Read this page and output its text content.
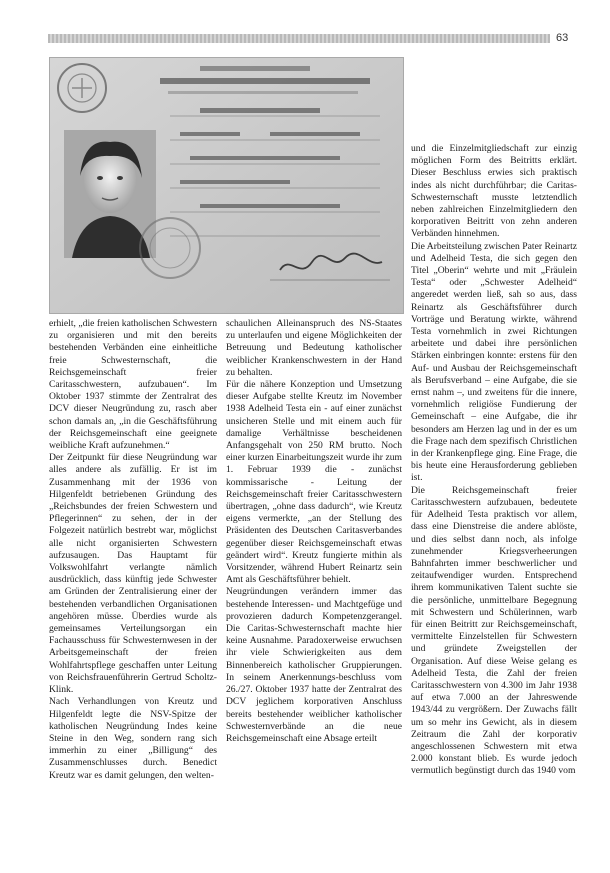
63

erhielt, „die freien katholischen Schwestern zu organisieren und mit den bereits bestehenden Verbänden eine einheitliche freie Schwesternschaft, die Reichsgemeinschaft freier Caritasschwestern, aufzubauen“. Im Oktober 1937 stimmte der Zentralrat des DCV dieser Neugründung zu, rasch aber schon damals an, „in die Geschäftsführung der Reichsgemeinschaft eine geeignete weibliche Kraft aufzunehmen.“

Der Zeitpunkt für diese Neugründung war alles andere als zufällig. Er ist im Zusammenhang mit der 1936 von Hilgenfeldt betriebenen Gründung des „Reichsbundes der freien Schwestern und Pflegerinnen“ zu sehen, der in der Folgezeit natürlich bestrebt war, möglichst alle nicht organisierten Schwestern aufzusaugen. Das Hauptamt für Volkswohlfahrt verlangte nämlich ausdrücklich, dass künftig jede Schwester am Gründen der Zentralisierung einer der bestehenden verbandlichen Organisationen angehören müsse. Überdies wurde als gemeinsames Verteilungsorgan ein Fachausschuss für Schwesternwesen in der Arbeitsgemeinschaft der freien Wohlfahrtspflege geschaffen unter Leitung von Reichsfrauenführerin Gertrud Scholtz-Klink.

Nach Verhandlungen von Kreutz und Hilgenfeldt legte die NSV-Spitze der katholischen Neugründung Indes keine Steine in den Weg, sondern rang sich immerhin zu einer „Billigung“ des Zusammenschlusses durch. Benedict Kreutz war es damit gelungen, den welten-

schaulichen Alleinanspruch des NS-Staates zu unterlaufen und eigene Möglichkeiten der Betreuung und Bedeutung katholischer weiblicher Krankenschwestern in der Hand zu behalten.

Für die nähere Konzeption und Umsetzung dieser Aufgabe stellte Kreutz im November 1938 Adelheid Testa ein - auf einer zunächst unsicheren Stelle und mit einem auch für damalige Verhältnisse bescheidenen Anfangsgehalt von 250 RM brutto. Noch einer kurzen Einarbeitungszeit wurde ihr zum 1. Februar 1939 die - zunächst kommissarische - Leitung der Reichsgemeinschaft freier Caritasschwestern übertragen, „ohne dass dadurch“, wie Kreutz eigens vermerkte, „an der Stellung des Präsidenten des Deutschen Caritasverbandes gegenüber dieser Reichsgemeinschaft etwas geändert wird“. Kreutz fungierte mithin als Vorsitzender, während Hubert Reinartz sein Amt als Geschäftsführer behielt.

Neugründungen verändern immer das bestehende Interessen- und Machtgefüge und provozieren dadurch Kompetenzgerangel. Die Caritas-Schwesternschaft machte hier keine Ausnahme. Paradoxerweise erwuchsen ihr viele Schwierigkeiten aus dem Binnenbereich katholischer Gruppierungen. In seinem Anerkennungs-beschluss vom 26./27. Oktober 1937 hatte der Zentralrat des DCV jeglichem korporativen Anschluss bereits bestehender weiblicher katholischer Schwesternverbände an die neue Reichsgemeinschaft eine Absage erteilt

und die Einzelmitgliedschaft zur einzig möglichen Form des Beitritts erklärt. Dieser Beschluss erwies sich praktisch indes als nicht durchführbar; die Caritas-Schwesternschaft musste letztendlich neben zahlreichen Einzelmitgliedern den korporativen Beitritt von zehn anderen Verbänden hinnehmen.

Die Arbeitsteilung zwischen Pater Reinartz und Adelheid Testa, die sich gegen den Titel „Oberin“ wehrte und mit „Fräulein Testa“ oder „Schwester Adelheid“ angeredet werden ließ, sah so aus, dass Reinartz als Geschäftsführer durch Vorträge und Beratung wirkte, während Testa vornehmlich in zwei Richtungen arbeitete und dabei ihre persönlichen Stärken einbringen konnte: erstens für den Auf- und Ausbau der Reichsgemeinschaft als Berufsverband – eine Aufgabe, die sie ernst nahm –, und zweitens für die innere, vornehmlich religiöse Fundierung der Gemeinschaft – eine Aufgabe, die ihr besonders am Herzen lag und in der es um die Frage nach dem spezifisch Christlichen in der Krankenpflege ging. Eine Frage, die bis heute eine Herausforderung geblieben ist.

Die Reichsgemeinschaft freier Caritasschwestern aufzubauen, bedeutete für Adelheid Testa praktisch vor allem, dass eine Dienstreise die andere ablöste, und dies selbst dann noch, als infolge zunehmender Kriegsverheerungen Bahnfahrten immer beschwerlicher und zeitaufwendiger wurden. Entsprechend ihrem kommunikativen Talent suchte sie die persönliche, unmittelbare Begegnung mit Schwestern und Schülerinnen, warb für einen Beitritt zur Reichsgemeinschaft, vermittelte Einzelstellen für Schwestern und gründete Zweigstellen der Organisation. Auf diese Weise gelang es Adelheid Testa, die Zahl der freien Caritasschwestern von 4.300 im Jahr 1938 auf etwa 7.000 an der Jahreswende 1943/44 zu vergrößern. Der Zuwachs fällt um so mehr ins Gewicht, als in diesem Zeitraum die Zahl der korporativ angeschlossenen Schwestern mit etwa 2.000 konstant blieb. Es wurde jedoch vermutlich begünstigt durch das 1940 vom
